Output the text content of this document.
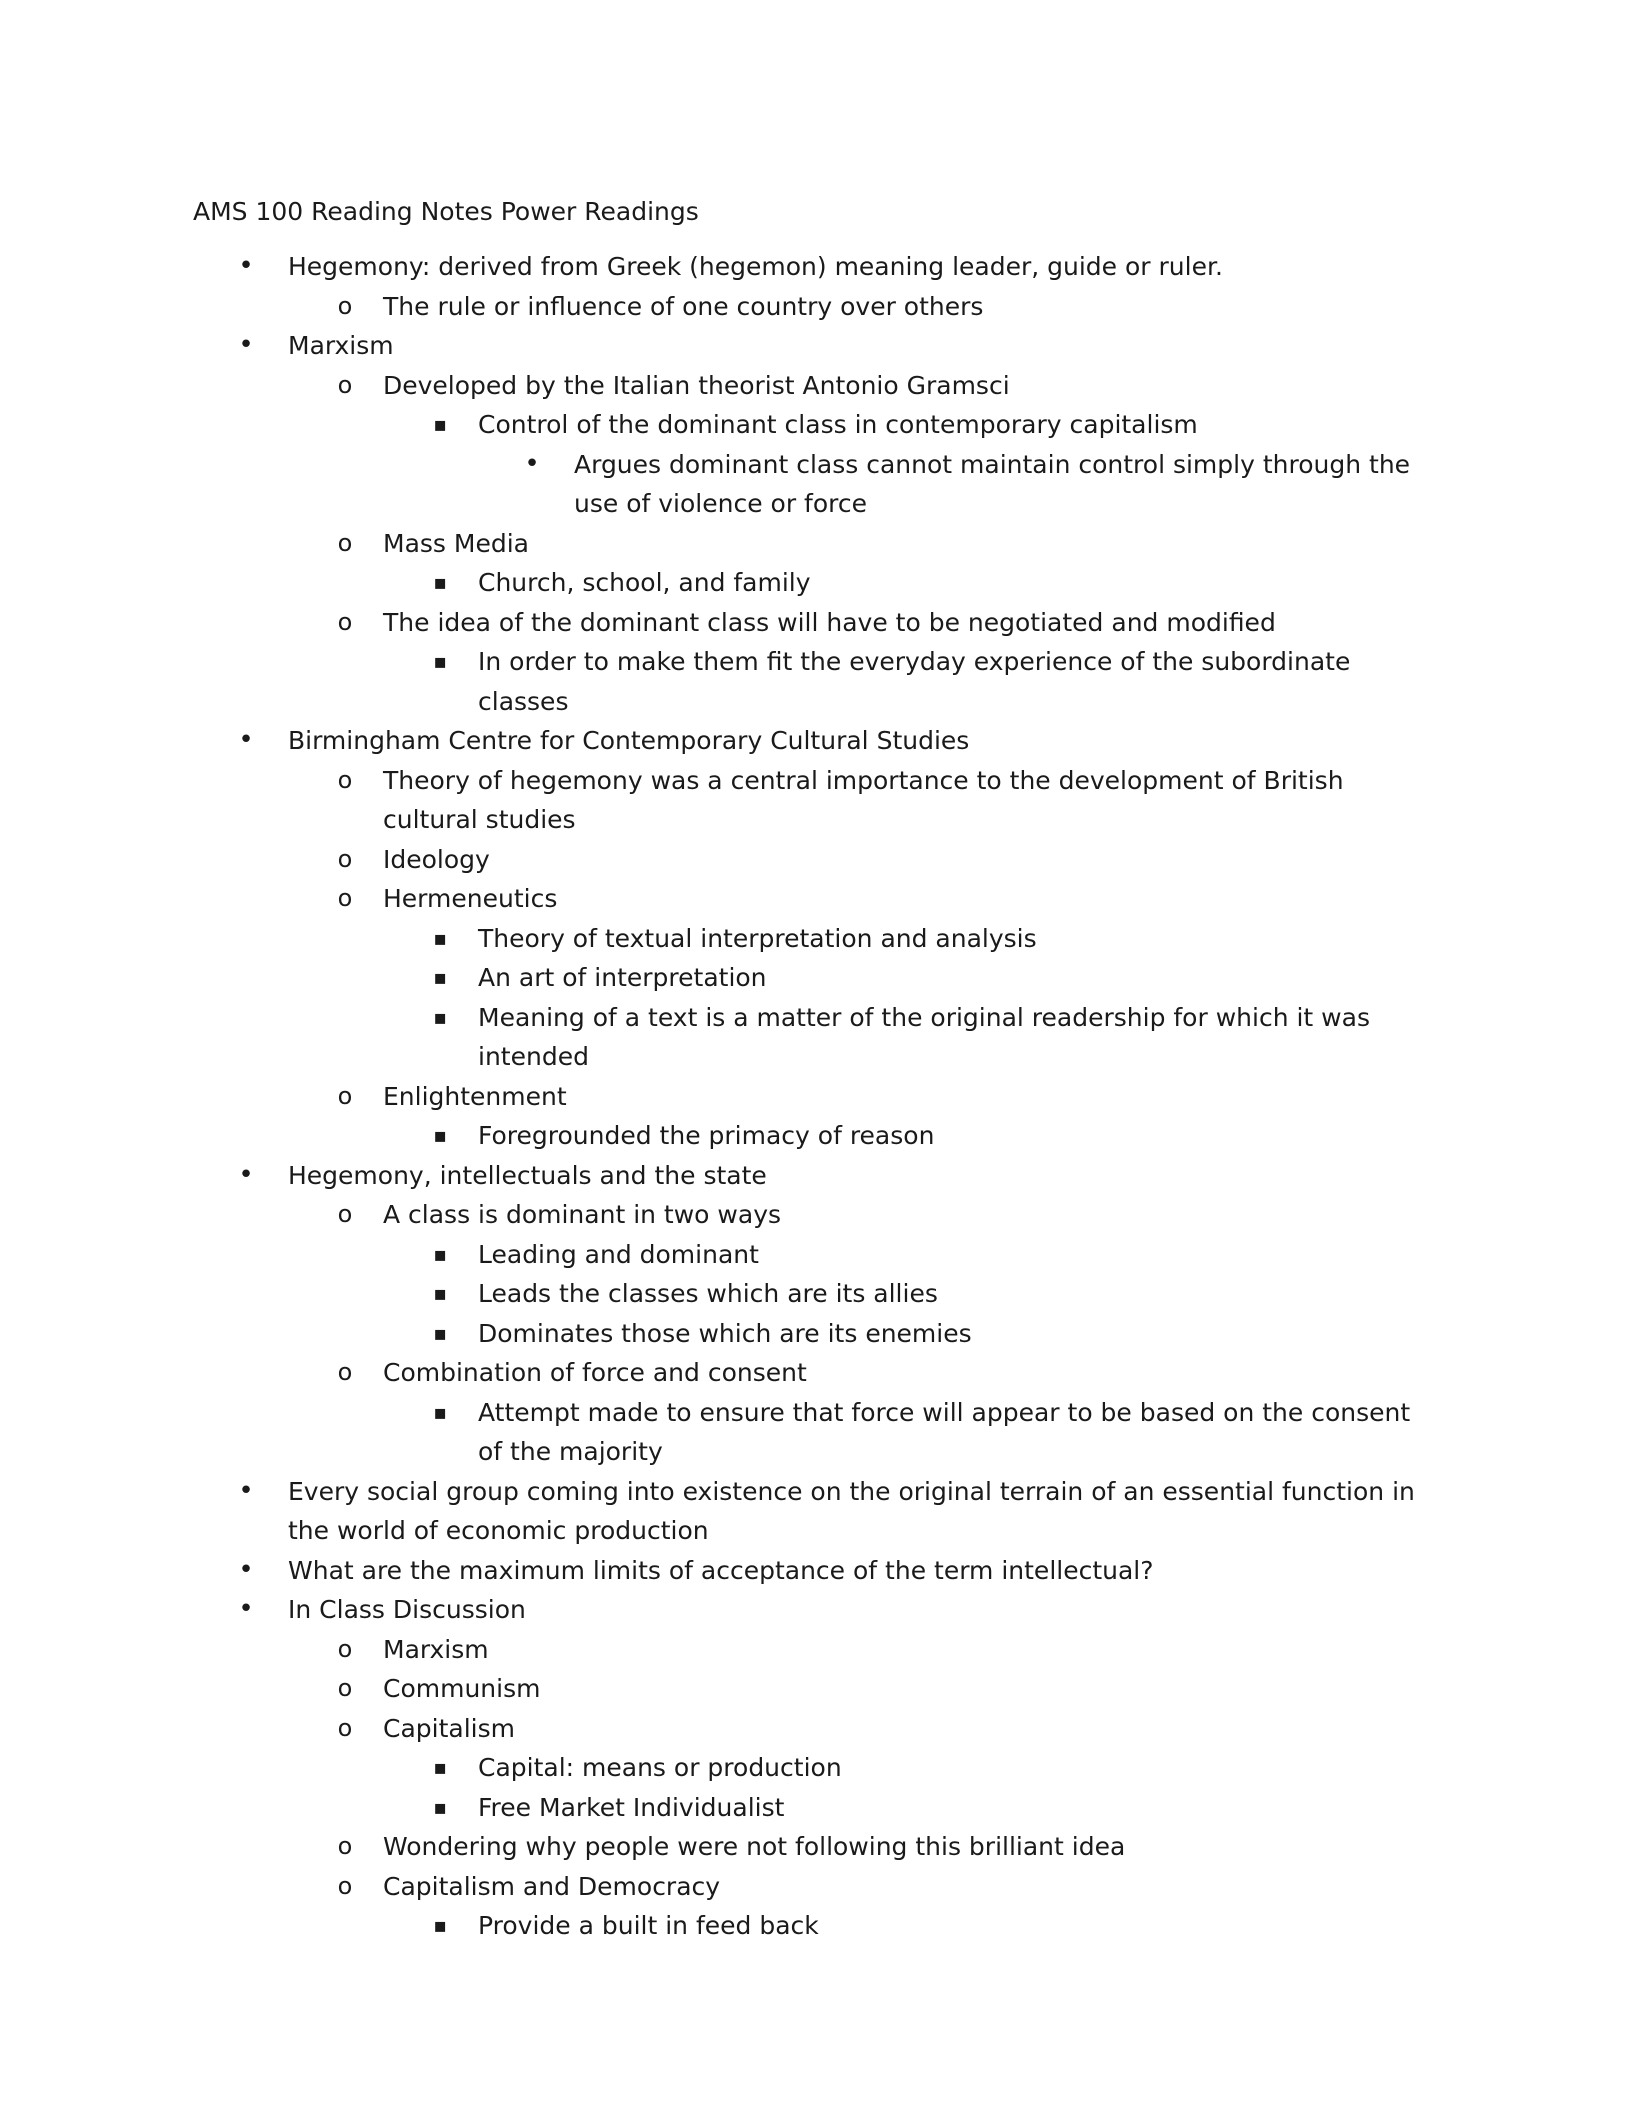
AMS 100 Reading Notes Power Readings
• Hegemony: derived from Greek (hegemon) meaning leader, guide or ruler.
o	The rule or influence of one country over others
• Marxism
o	Developed by the Italian theorist Antonio Gramsci
▪	Control of the dominant class in contemporary capitalism
• Argues dominant class cannot maintain control simply through the use of violence or force
o	Mass Media
▪	Church, school, and family
o	The idea of the dominant class will have to be negotiated and modified
▪	In order to make them fit the everyday experience of the subordinate classes
• Birmingham Centre for Contemporary Cultural Studies
o	Theory of hegemony was a central importance to the development of British cultural studies
o	Ideology
o	Hermeneutics
▪	Theory of textual interpretation and analysis
▪	An art of interpretation
▪	Meaning of a text is a matter of the original readership for which it was intended
o	Enlightenment
▪	Foregrounded the primacy of reason
• Hegemony, intellectuals and the state
o	A class is dominant in two ways
▪	Leading and dominant
▪	Leads the classes which are its allies
▪	Dominates those which are its enemies
o	Combination of force and consent
▪	Attempt made to ensure that force will appear to be based on the consent of the majority
• Every social group coming into existence on the original terrain of an essential function in the world of economic production
• What are the maximum limits of acceptance of the term intellectual?
• In Class Discussion
o	Marxism
o	Communism
o	Capitalism
▪	Capital: means or production
▪	Free Market Individualist
o	Wondering why people were not following this brilliant idea
o	Capitalism and Democracy
▪	Provide a built in feed back
